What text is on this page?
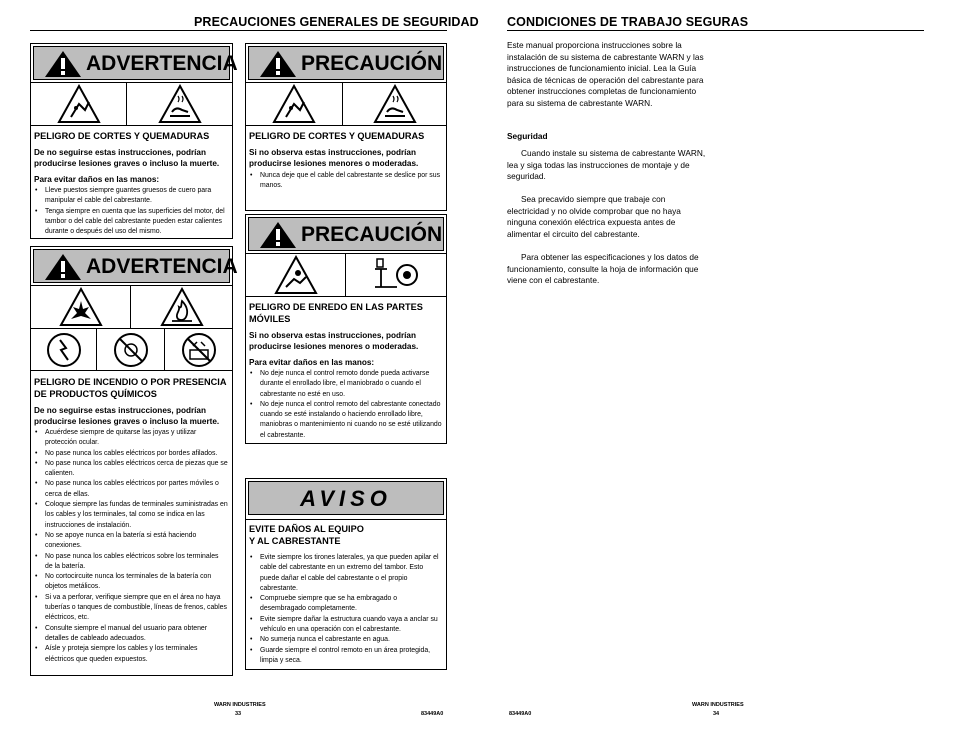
PRECAUCIONES GENERALES DE SEGURIDAD
ADVERTENCIA
PELIGRO DE CORTES Y QUEMADURAS
De no seguirse estas instrucciones, podrían producirse lesiones graves o incluso la muerte.
Para evitar daños en las manos:
• Lleve puestos siempre guantes gruesos de cuero para manipular el cable del cabrestante.
• Tenga siempre en cuenta que las superficies del motor, del tambor o del cable del cabrestante pueden estar calientes durante o después del uso del mismo.
ADVERTENCIA
PELIGRO DE INCENDIO O POR PRESENCIA DE PRODUCTOS QUÍMICOS
De no seguirse estas instrucciones, podrían producirse lesiones graves o incluso la muerte.
• Acuérdese siempre de quitarse las joyas y utilizar protección ocular.
• No pase nunca los cables eléctricos por bordes afilados.
• No pase nunca los cables eléctricos cerca de piezas que se calienten.
• No pase nunca los cables eléctricos por partes móviles o cerca de ellas.
• Coloque siempre las fundas de terminales suministradas en los cables y los terminales, tal como se indica en las instrucciones de instalación.
• No se apoye nunca en la batería si está haciendo conexiones.
• No pase nunca los cables eléctricos sobre los terminales de la batería.
• No cortocircuite nunca los terminales de la batería con objetos metálicos.
• Si va a perforar, verifique siempre que en el área no haya tuberías o tanques de combustible, líneas de frenos, cables eléctricos, etc.
• Consulte siempre el manual del usuario para obtener detalles de cableado adecuados.
• Aísle y proteja siempre los cables y los terminales eléctricos que queden expuestos.
PRECAUCIÓN
PELIGRO DE CORTES Y QUEMADURAS
Si no observa estas instrucciones, podrían producirse lesiones menores o moderadas.
• Nunca deje que el cable del cabrestante se deslice por sus manos.
PRECAUCIÓN
PELIGRO DE ENREDO EN LAS PARTES MÓVILES
Si no observa estas instrucciones, podrían producirse lesiones menores o moderadas.
Para evitar daños en las manos:
• No deje nunca el control remoto donde pueda activarse durante el enrollado libre, el maniobrado o cuando el cabrestante no esté en uso.
• No deje nunca el control remoto del cabrestante conectado cuando se esté instalando o haciendo enrollado libre, maniobras o mantenimiento ni cuando no se esté utilizando el cabrestante.
AVISO
EVITE DAÑOS AL EQUIPO
Y AL CABRESTANTE
• Evite siempre los tirones laterales, ya que pueden apilar el cable del cabrestante en un extremo del tambor. Esto puede dañar el cable del cabrestante o el propio cabrestante.
• Compruebe siempre que se ha embragado o desembragado completamente.
• Evite siempre dañar la estructura cuando vaya a anclar su vehículo en una operación con el cabrestante.
• No sumerja nunca el cabrestante en agua.
• Guarde siempre el control remoto en un área protegida, limpia y seca.
WARN INDUSTRIES
33	83449A0
CONDICIONES DE TRABAJO SEGURAS
Este manual proporciona instrucciones sobre la instalación de su sistema de cabrestante WARN y las instrucciones de funcionamiento inicial. Lea la Guía básica de técnicas de operación del cabrestante para obtener instrucciones completas de funcionamiento para su sistema de cabrestante WARN.
Seguridad
Cuando instale su sistema de cabrestante WARN, lea y siga todas las instrucciones de montaje y de seguridad.
Sea precavido siempre que trabaje con electricidad y no olvide comprobar que no haya ninguna conexión eléctrica expuesta antes de alimentar el circuito del cabrestante.
Para obtener las especificaciones y los datos de funcionamiento, consulte la hoja de información que viene con el cabrestante.
WARN INDUSTRIES
34
83449A0
